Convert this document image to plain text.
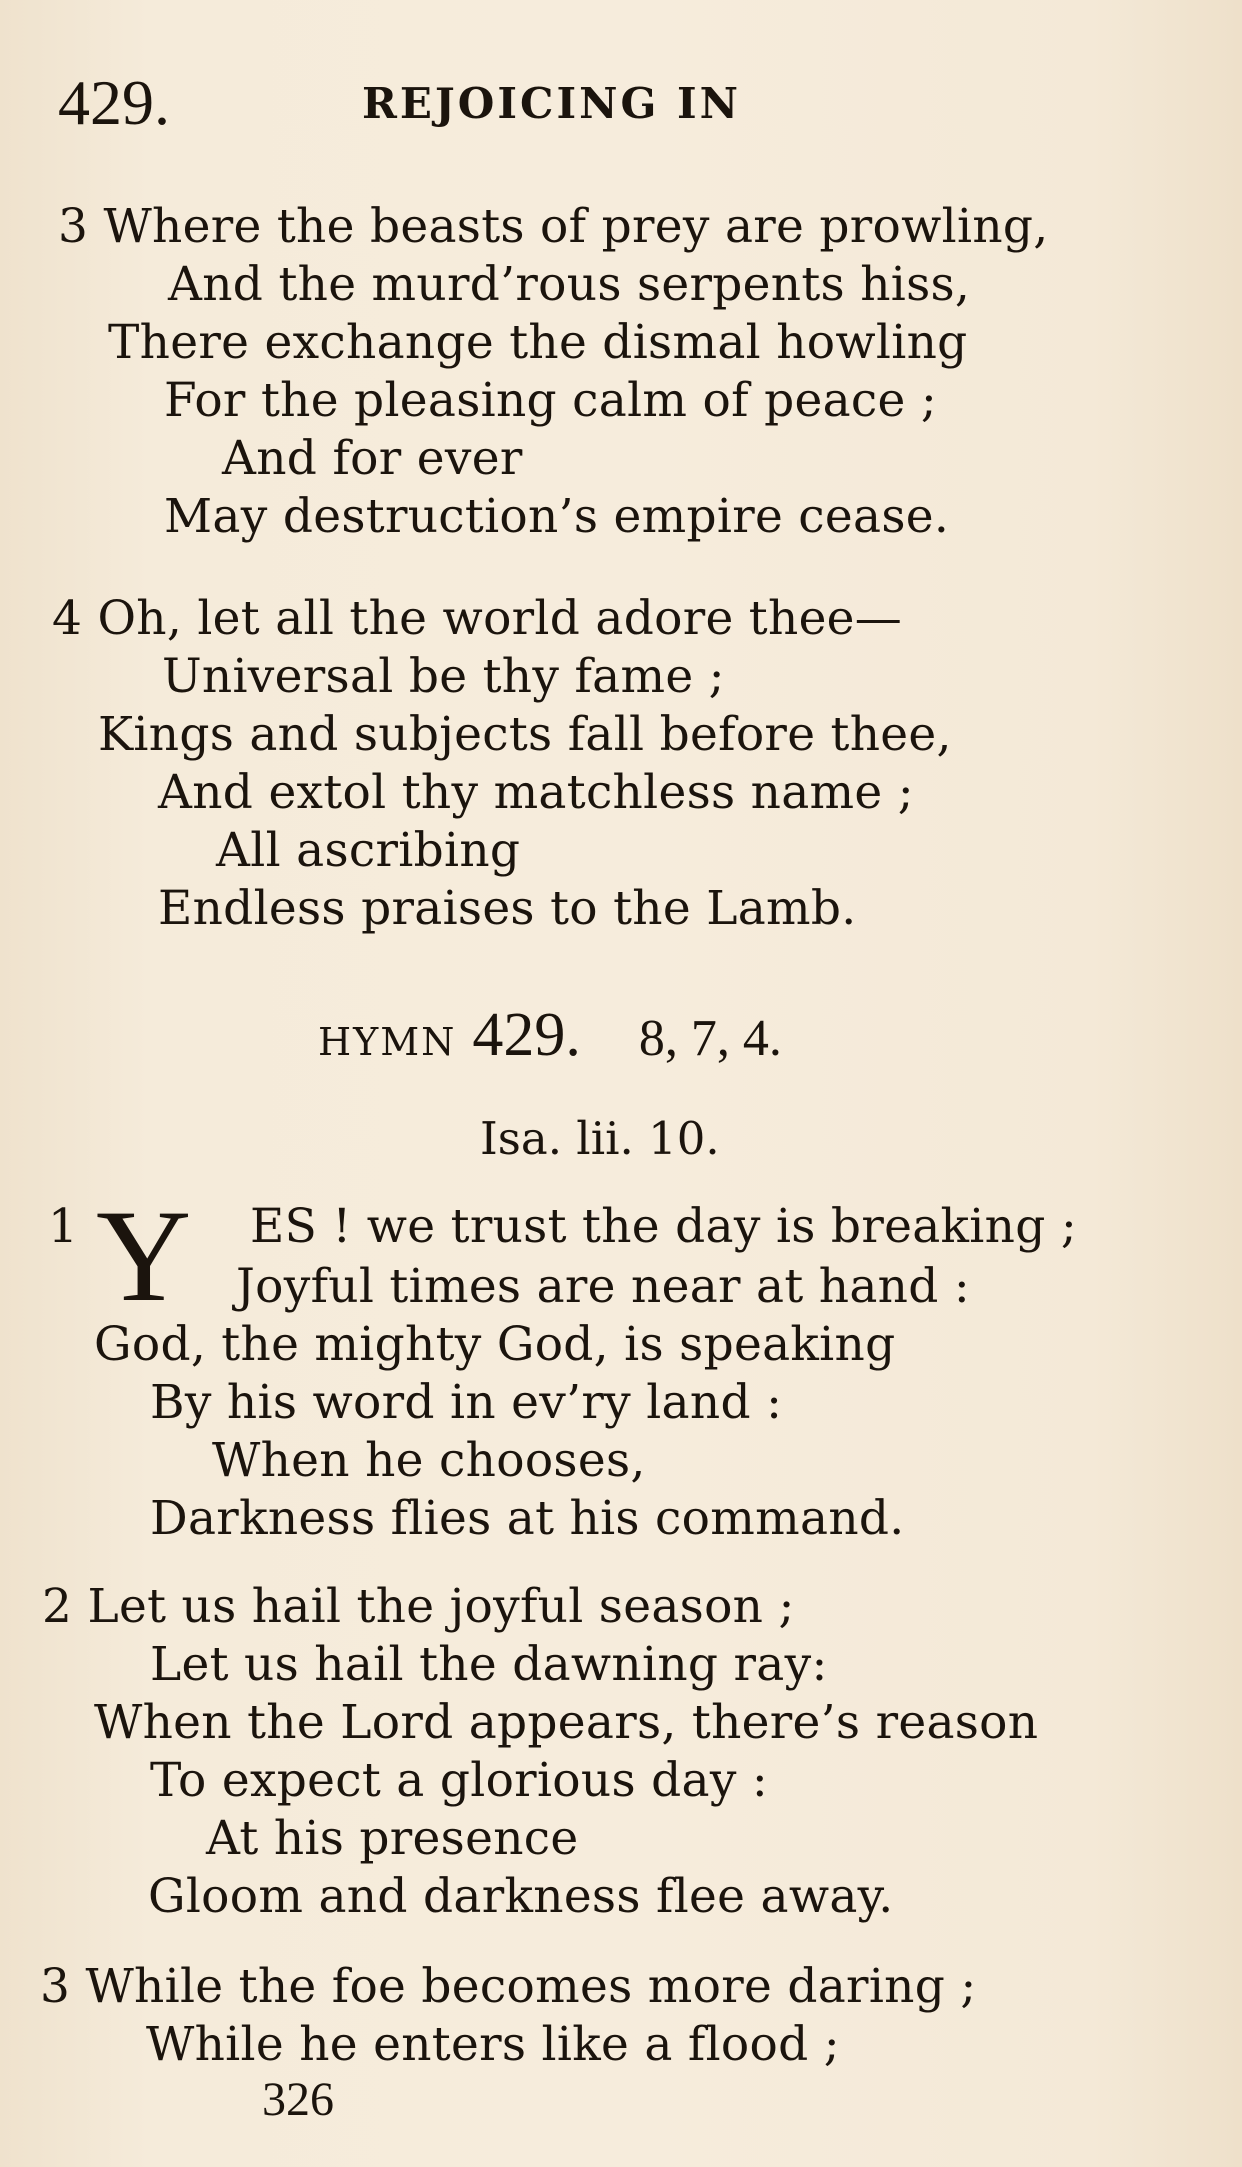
429.	REJOICING IN
3 Where the beasts of prey are prowling,
And the murd’rous serpents hiss,
There exchange the dismal howling
For the pleasing calm of peace ;
And for ever
May destruction’s empire cease.
4 Oh, let all the world adore thee—
Universal be thy fame ;
Kings and subjects fall before thee,
And extol thy matchless name ;
All ascribing
Endless praises to the Lamb.
HYMN 429. 8, 7, 4.
Isa. lii. 10.
1 Y ES ! we trust the day is breaking ;
Joyful times are near at hand :
God, the mighty God, is speaking
By his word in ev’ry land :
When he chooses,
Darkness flies at his command.
2 Let us hail the joyful season ;
Let us hail the dawning ray:
When the Lord appears, there’s reason
To expect a glorious day :
At his presence
Gloom and darkness flee away.
3 While the foe becomes more daring ;
While he enters like a flood ;
326
